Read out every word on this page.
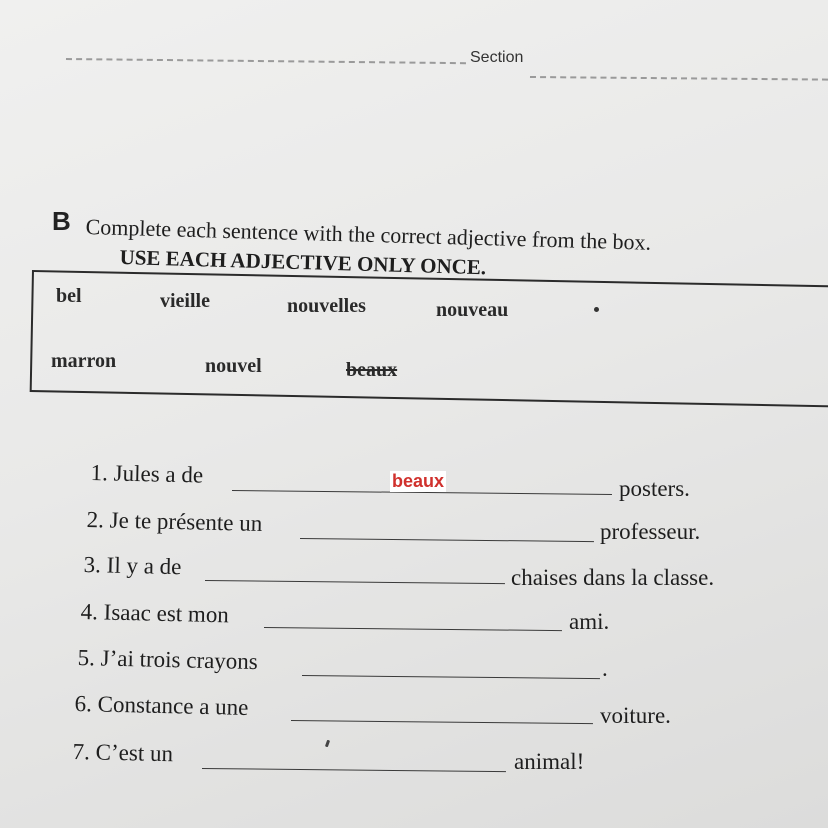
Section
B Complete each sentence with the correct adjective from the box.
USE EACH ADJECTIVE ONLY ONCE.
bel	vieille	nouvelles	nouveau
marron	nouvel	beaux
1. Jules a de	beaux	posters.
2. Je te présente un	professeur.
3. Il y a de	chaises dans la classe.
4. Isaac est mon	ami.
5. J’ai trois crayons	.
6. Constance a une	voiture.
7. C’est un	animal!
